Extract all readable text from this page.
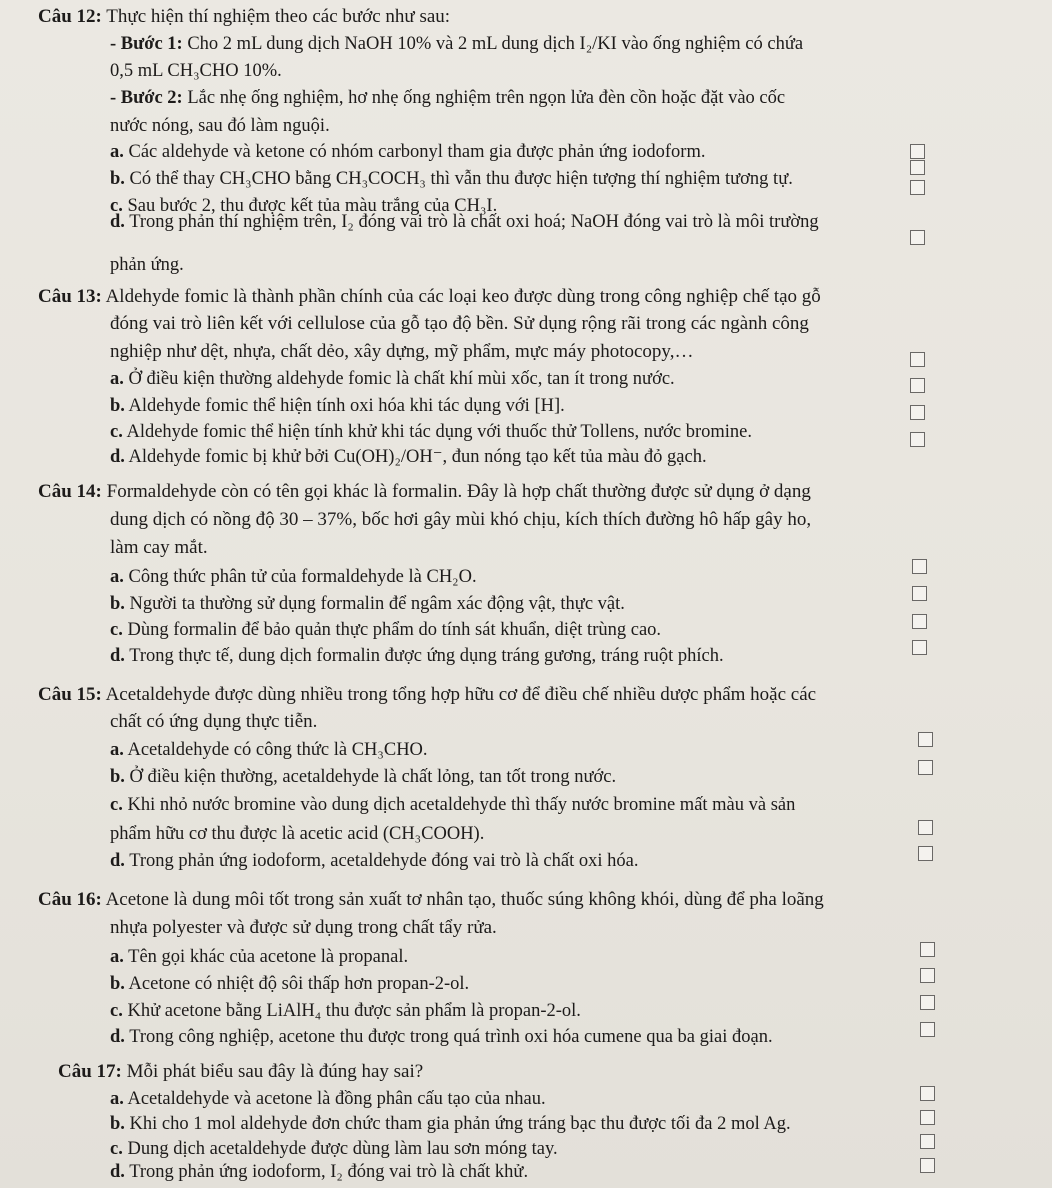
Câu 12: Thực hiện thí nghiệm theo các bước như sau:
- Bước 1: Cho 2 mL dung dịch NaOH 10% và 2 mL dung dịch I₂/KI vào ống nghiệm có chứa
0,5 mL CH₃CHO 10%.
- Bước 2: Lắc nhẹ ống nghiệm, hơ nhẹ ống nghiệm trên ngọn lửa đèn cồn hoặc đặt vào cốc
nước nóng, sau đó làm nguội.
a. Các aldehyde và ketone có nhóm carbonyl tham gia được phản ứng iodoform.
b. Có thể thay CH₃CHO bằng CH₃COCH₃ thì vẫn thu được hiện tượng thí nghiệm tương tự.
c. Sau bước 2, thu được kết tủa màu trắng của CH₃I.
d. Trong phản thí nghiệm trên, I₂ đóng vai trò là chất oxi hoá; NaOH đóng vai trò là môi trường
phản ứng.
Câu 13: Aldehyde fomic là thành phần chính của các loại keo được dùng trong công nghiệp chế tạo gỗ
đóng vai trò liên kết với cellulose của gỗ tạo độ bền. Sử dụng rộng rãi trong các ngành công
nghiệp như dệt, nhựa, chất dẻo, xây dựng, mỹ phẩm, mực máy photocopy,…
a. Ở điều kiện thường aldehyde fomic là chất khí mùi xốc, tan ít trong nước.
b. Aldehyde fomic thể hiện tính oxi hóa khi tác dụng với [H].
c. Aldehyde fomic thể hiện tính khử khi tác dụng với thuốc thử Tollens, nước bromine.
d. Aldehyde fomic bị khử bởi Cu(OH)₂/OH⁻, đun nóng tạo kết tủa màu đỏ gạch.
Câu 14: Formaldehyde còn có tên gọi khác là formalin. Đây là hợp chất thường được sử dụng ở dạng
dung dịch có nồng độ 30 – 37%, bốc hơi gây mùi khó chịu, kích thích đường hô hấp gây ho,
làm cay mắt.
a. Công thức phân tử của formaldehyde là CH₂O.
b. Người ta thường sử dụng formalin để ngâm xác động vật, thực vật.
c. Dùng formalin để bảo quản thực phẩm do tính sát khuẩn, diệt trùng cao.
d. Trong thực tế, dung dịch formalin được ứng dụng tráng gương, tráng ruột phích.
Câu 15: Acetaldehyde được dùng nhiều trong tổng hợp hữu cơ để điều chế nhiều dược phẩm hoặc các
chất có ứng dụng thực tiễn.
a. Acetaldehyde có công thức là CH₃CHO.
b. Ở điều kiện thường, acetaldehyde là chất lỏng, tan tốt trong nước.
c. Khi nhỏ nước bromine vào dung dịch acetaldehyde thì thấy nước bromine mất màu và sản
phẩm hữu cơ thu được là acetic acid (CH₃COOH).
d. Trong phản ứng iodoform, acetaldehyde đóng vai trò là chất oxi hóa.
Câu 16: Acetone là dung môi tốt trong sản xuất tơ nhân tạo, thuốc súng không khói, dùng để pha loãng
nhựa polyester và được sử dụng trong chất tẩy rửa.
a. Tên gọi khác của acetone là propanal.
b. Acetone có nhiệt độ sôi thấp hơn propan-2-ol.
c. Khử acetone bằng LiAlH₄ thu được sản phẩm là propan-2-ol.
d. Trong công nghiệp, acetone thu được trong quá trình oxi hóa cumene qua ba giai đoạn.
Câu 17: Mỗi phát biểu sau đây là đúng hay sai?
a. Acetaldehyde và acetone là đồng phân cấu tạo của nhau.
b. Khi cho 1 mol aldehyde đơn chức tham gia phản ứng tráng bạc thu được tối đa 2 mol Ag.
c. Dung dịch acetaldehyde được dùng làm lau sơn móng tay.
d. Trong phản ứng iodoform, I₂ đóng vai trò là chất khử.
